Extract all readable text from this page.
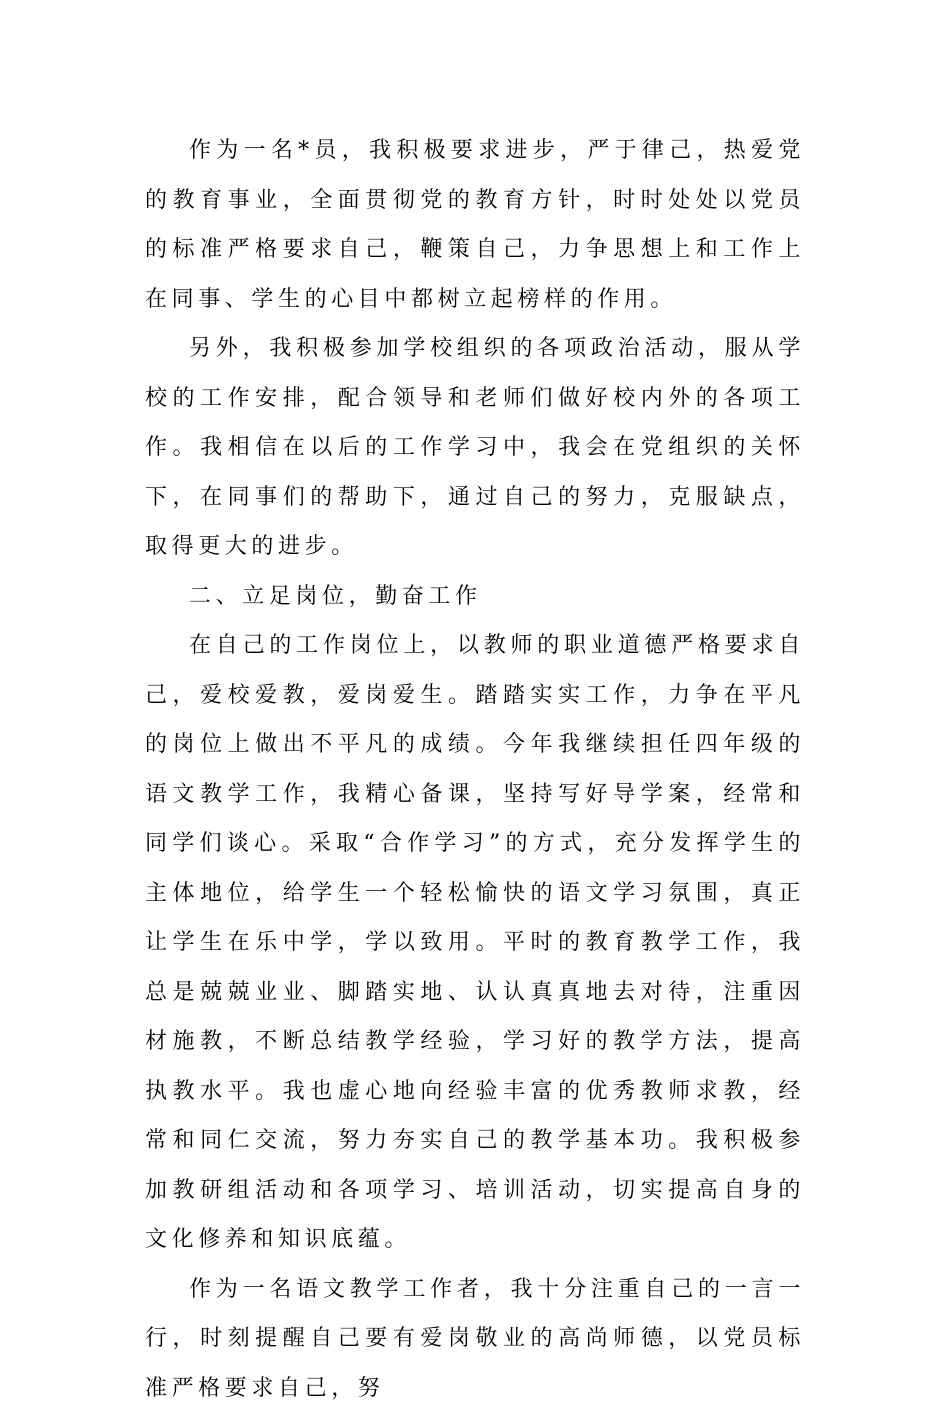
作为一名*员，我积极要求进步，严于律己，热爱党的教育事业，全面贯彻党的教育方针，时时处处以党员的标准严格要求自己，鞭策自己，力争思想上和工作上在同事、学生的心目中都树立起榜样的作用。

另外，我积极参加学校组织的各项政治活动，服从学校的工作安排，配合领导和老师们做好校内外的各项工作。我相信在以后的工作学习中，我会在党组织的关怀下，在同事们的帮助下，通过自己的努力，克服缺点，取得更大的进步。

二、立足岗位，勤奋工作

在自己的工作岗位上，以教师的职业道德严格要求自己，爱校爱教，爱岗爱生。踏踏实实工作，力争在平凡的岗位上做出不平凡的成绩。今年我继续担任四年级的语文教学工作，我精心备课，坚持写好导学案，经常和同学们谈心。采取“合作学习”的方式，充分发挥学生的主体地位，给学生一个轻松愉快的语文学习氛围，真正让学生在乐中学，学以致用。平时的教育教学工作，我总是兢兢业业、脚踏实地、认认真真地去对待，注重因材施教，不断总结教学经验，学习好的教学方法，提高执教水平。我也虚心地向经验丰富的优秀教师求教，经常和同仁交流，努力夯实自己的教学基本功。我积极参加教研组活动和各项学习、培训活动，切实提高自身的文化修养和知识底蕴。

作为一名语文教学工作者，我十分注重自己的一言一行，时刻提醒自己要有爱岗敬业的高尚师德，以党员标准严格要求自己，努
